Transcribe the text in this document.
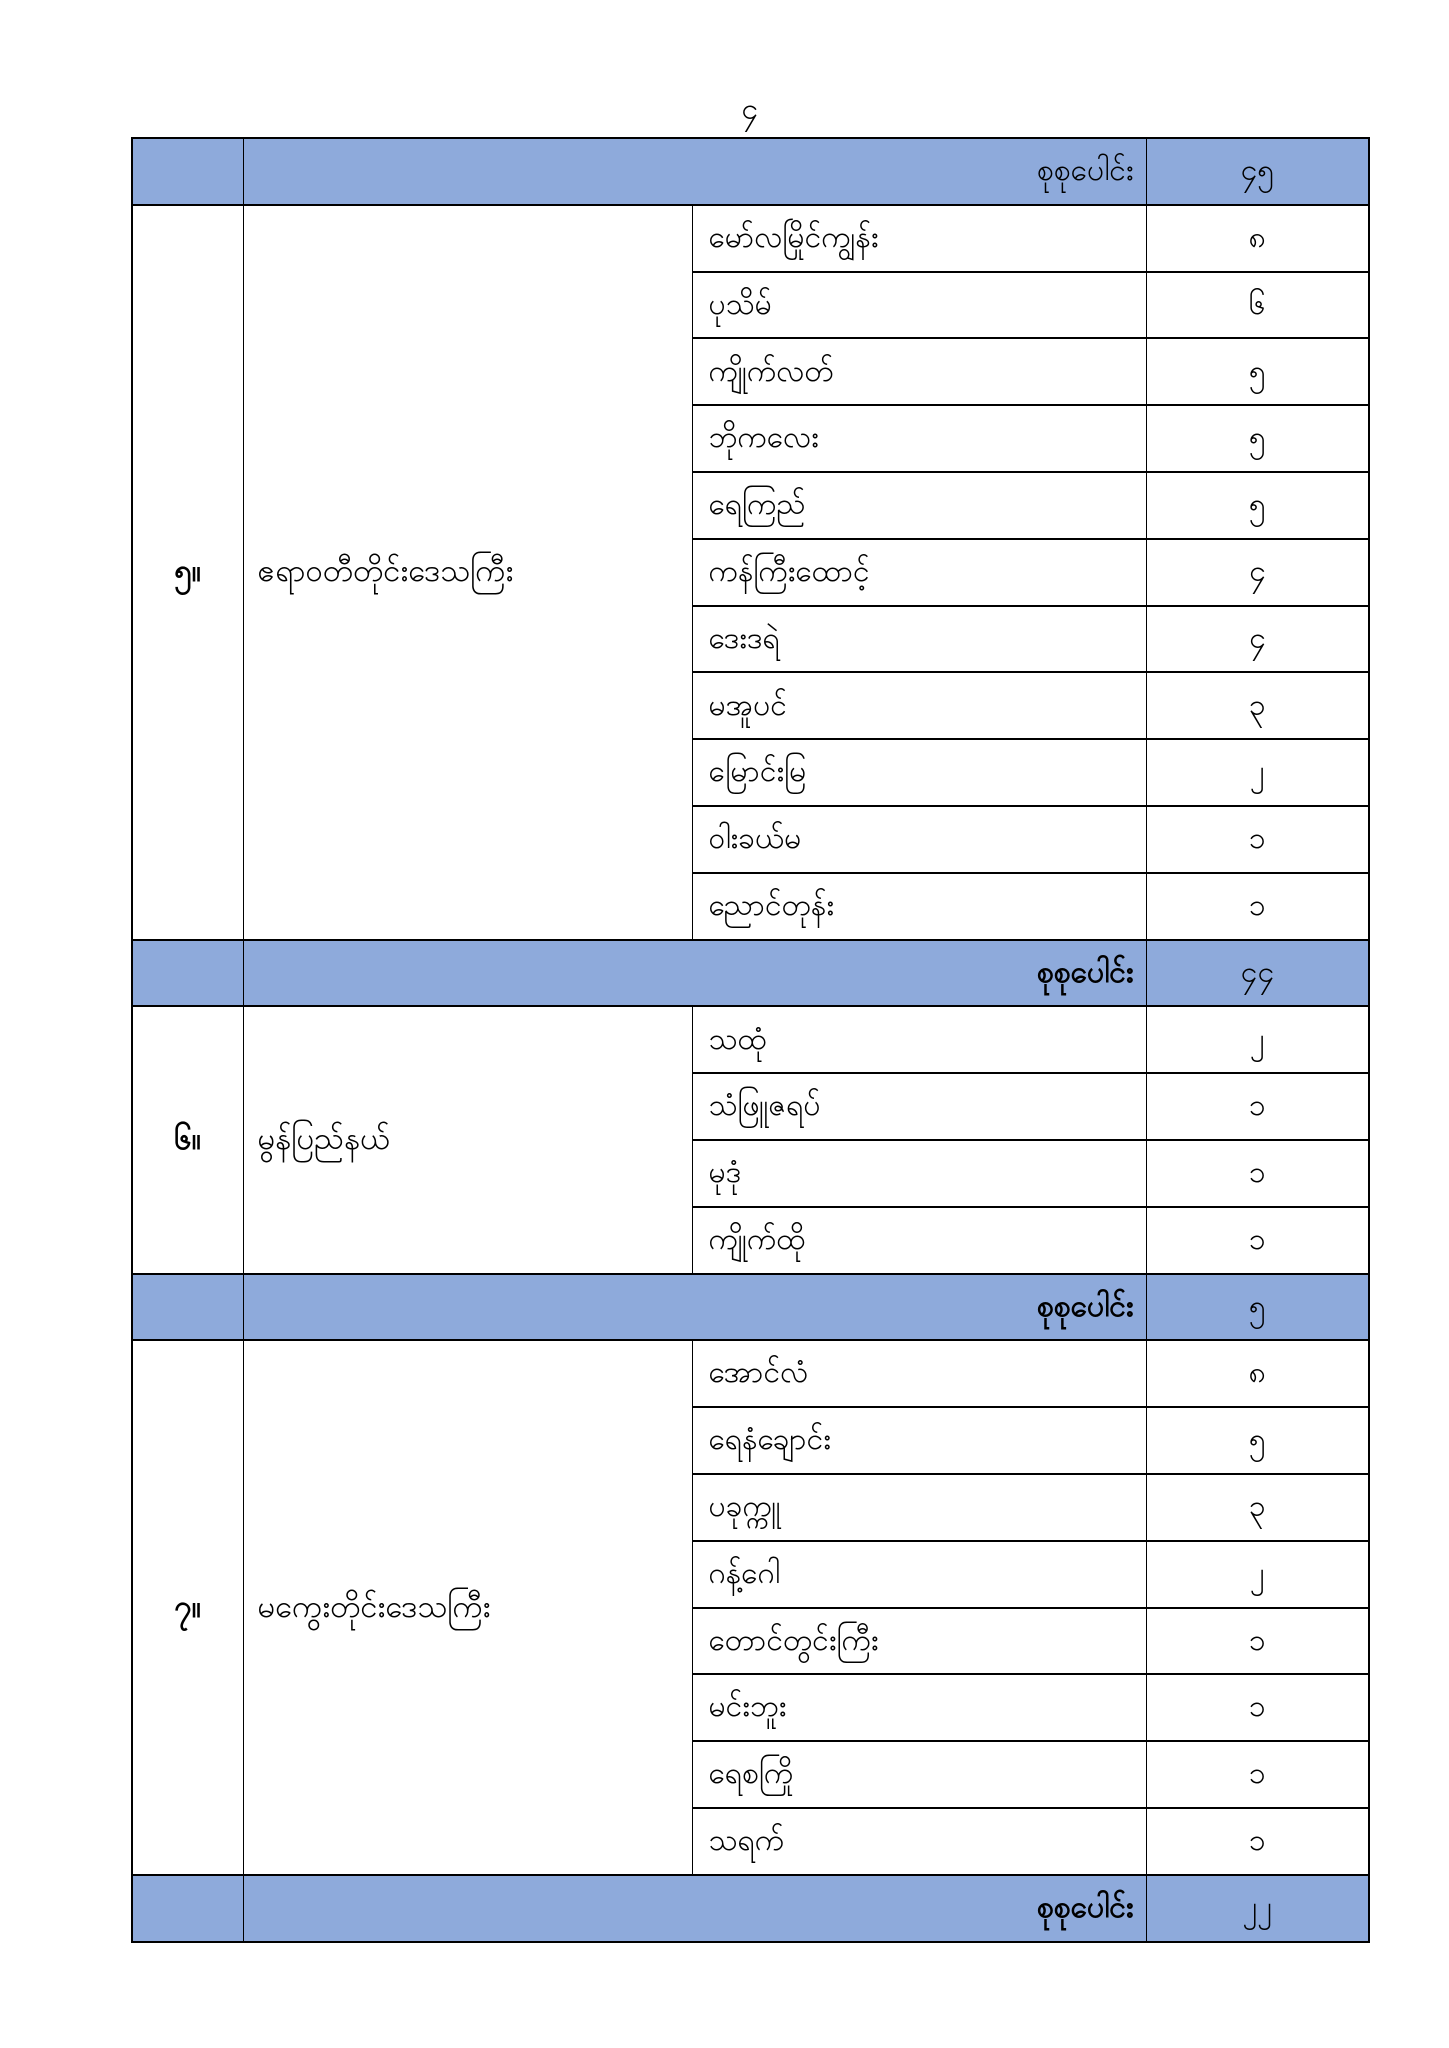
၄
	စုစုပေါင်း		၄၅
၅။	ဧရာဝတီတိုင်းဒေသကြီး	မော်လမြိုင်ကျွန်း	၈
		ပုသိမ်	၆
		ကျိုက်လတ်	၅
		ဘိုကလေး	၅
		ရေကြည်	၅
		ကန်ကြီးထောင့်	၄
		ဒေးဒရဲ	၄
		မအူပင်	၃
		မြောင်းမြ	၂
		ဝါးခယ်မ	၁
		ညောင်တုန်း	၁
	စုစုပေါင်း		၄၄
၆။	မွန်ပြည်နယ်	သထုံ	၂
		သံဖြူဇရပ်	၁
		မုဒုံ	၁
		ကျိုက်ထို	၁
	စုစုပေါင်း		၅
၇။	မကွေးတိုင်းဒေသကြီး	အောင်လံ	၈
		ရေနံချောင်း	၅
		ပခုက္ကူ	၃
		ဂန့်ဂေါ	၂
		တောင်တွင်းကြီး	၁
		မင်းဘူး	၁
		ရေစကြို	၁
		သရက်	၁
	စုစုပေါင်း		၂၂
